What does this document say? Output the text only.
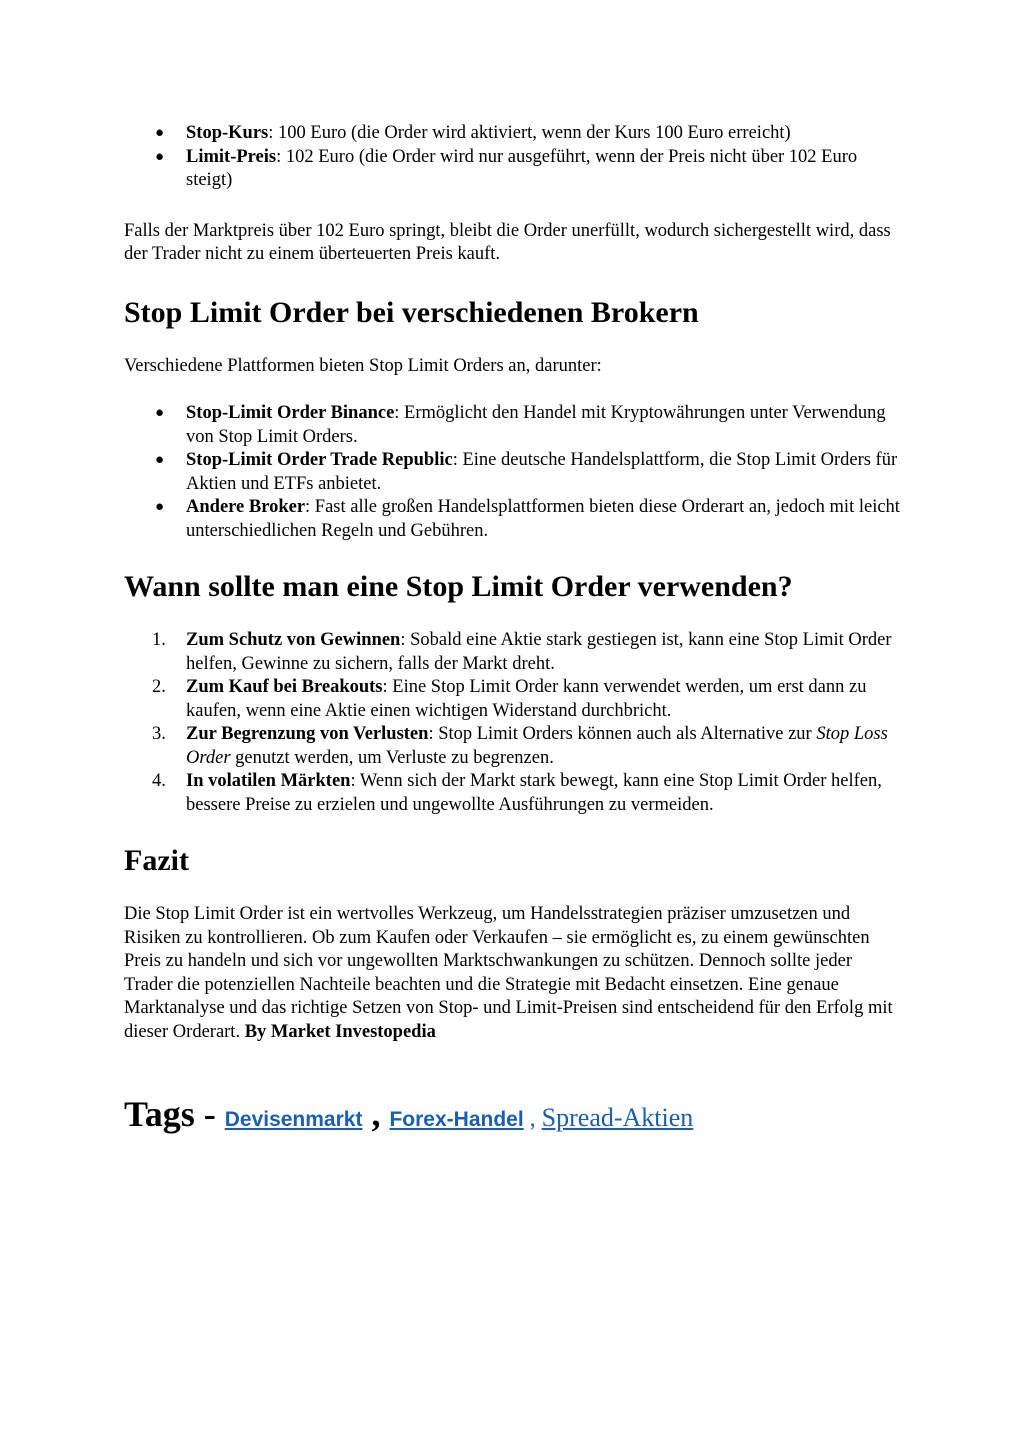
● Stop-Kurs: 100 Euro (die Order wird aktiviert, wenn der Kurs 100 Euro erreicht)
● Limit-Preis: 102 Euro (die Order wird nur ausgeführt, wenn der Preis nicht über 102 Euro steigt)

Falls der Marktpreis über 102 Euro springt, bleibt die Order unerfüllt, wodurch sichergestellt wird, dass der Trader nicht zu einem überteuerten Preis kauft.

Stop Limit Order bei verschiedenen Brokern

Verschiedene Plattformen bieten Stop Limit Orders an, darunter:

● Stop-Limit Order Binance: Ermöglicht den Handel mit Kryptowährungen unter Verwendung von Stop Limit Orders.
● Stop-Limit Order Trade Republic: Eine deutsche Handelsplattform, die Stop Limit Orders für Aktien und ETFs anbietet.
● Andere Broker: Fast alle großen Handelsplattformen bieten diese Orderart an, jedoch mit leicht unterschiedlichen Regeln und Gebühren.
Wann sollte man eine Stop Limit Order verwenden?
1. Zum Schutz von Gewinnen: Sobald eine Aktie stark gestiegen ist, kann eine Stop Limit Order helfen, Gewinne zu sichern, falls der Markt dreht.
2. Zum Kauf bei Breakouts: Eine Stop Limit Order kann verwendet werden, um erst dann zu kaufen, wenn eine Aktie einen wichtigen Widerstand durchbricht.
3. Zur Begrenzung von Verlusten: Stop Limit Orders können auch als Alternative zur Stop Loss Order genutzt werden, um Verluste zu begrenzen.
4. In volatilen Märkten: Wenn sich der Markt stark bewegt, kann eine Stop Limit Order helfen, bessere Preise zu erzielen und ungewollte Ausführungen zu vermeiden.
Fazit

Die Stop Limit Order ist ein wertvolles Werkzeug, um Handelsstrategien präziser umzusetzen und Risiken zu kontrollieren. Ob zum Kaufen oder Verkaufen – sie ermöglicht es, zu einem gewünschten Preis zu handeln und sich vor ungewollten Marktschwankungen zu schützen. Dennoch sollte jeder Trader die potenziellen Nachteile beachten und die Strategie mit Bedacht einsetzen. Eine genaue Marktanalyse und das richtige Setzen von Stop- und Limit-Preisen sind entscheidend für den Erfolg mit dieser Orderart. By Market Investopedia

Tags - Devisenmarkt , Forex-Handel , Spread-Aktien
